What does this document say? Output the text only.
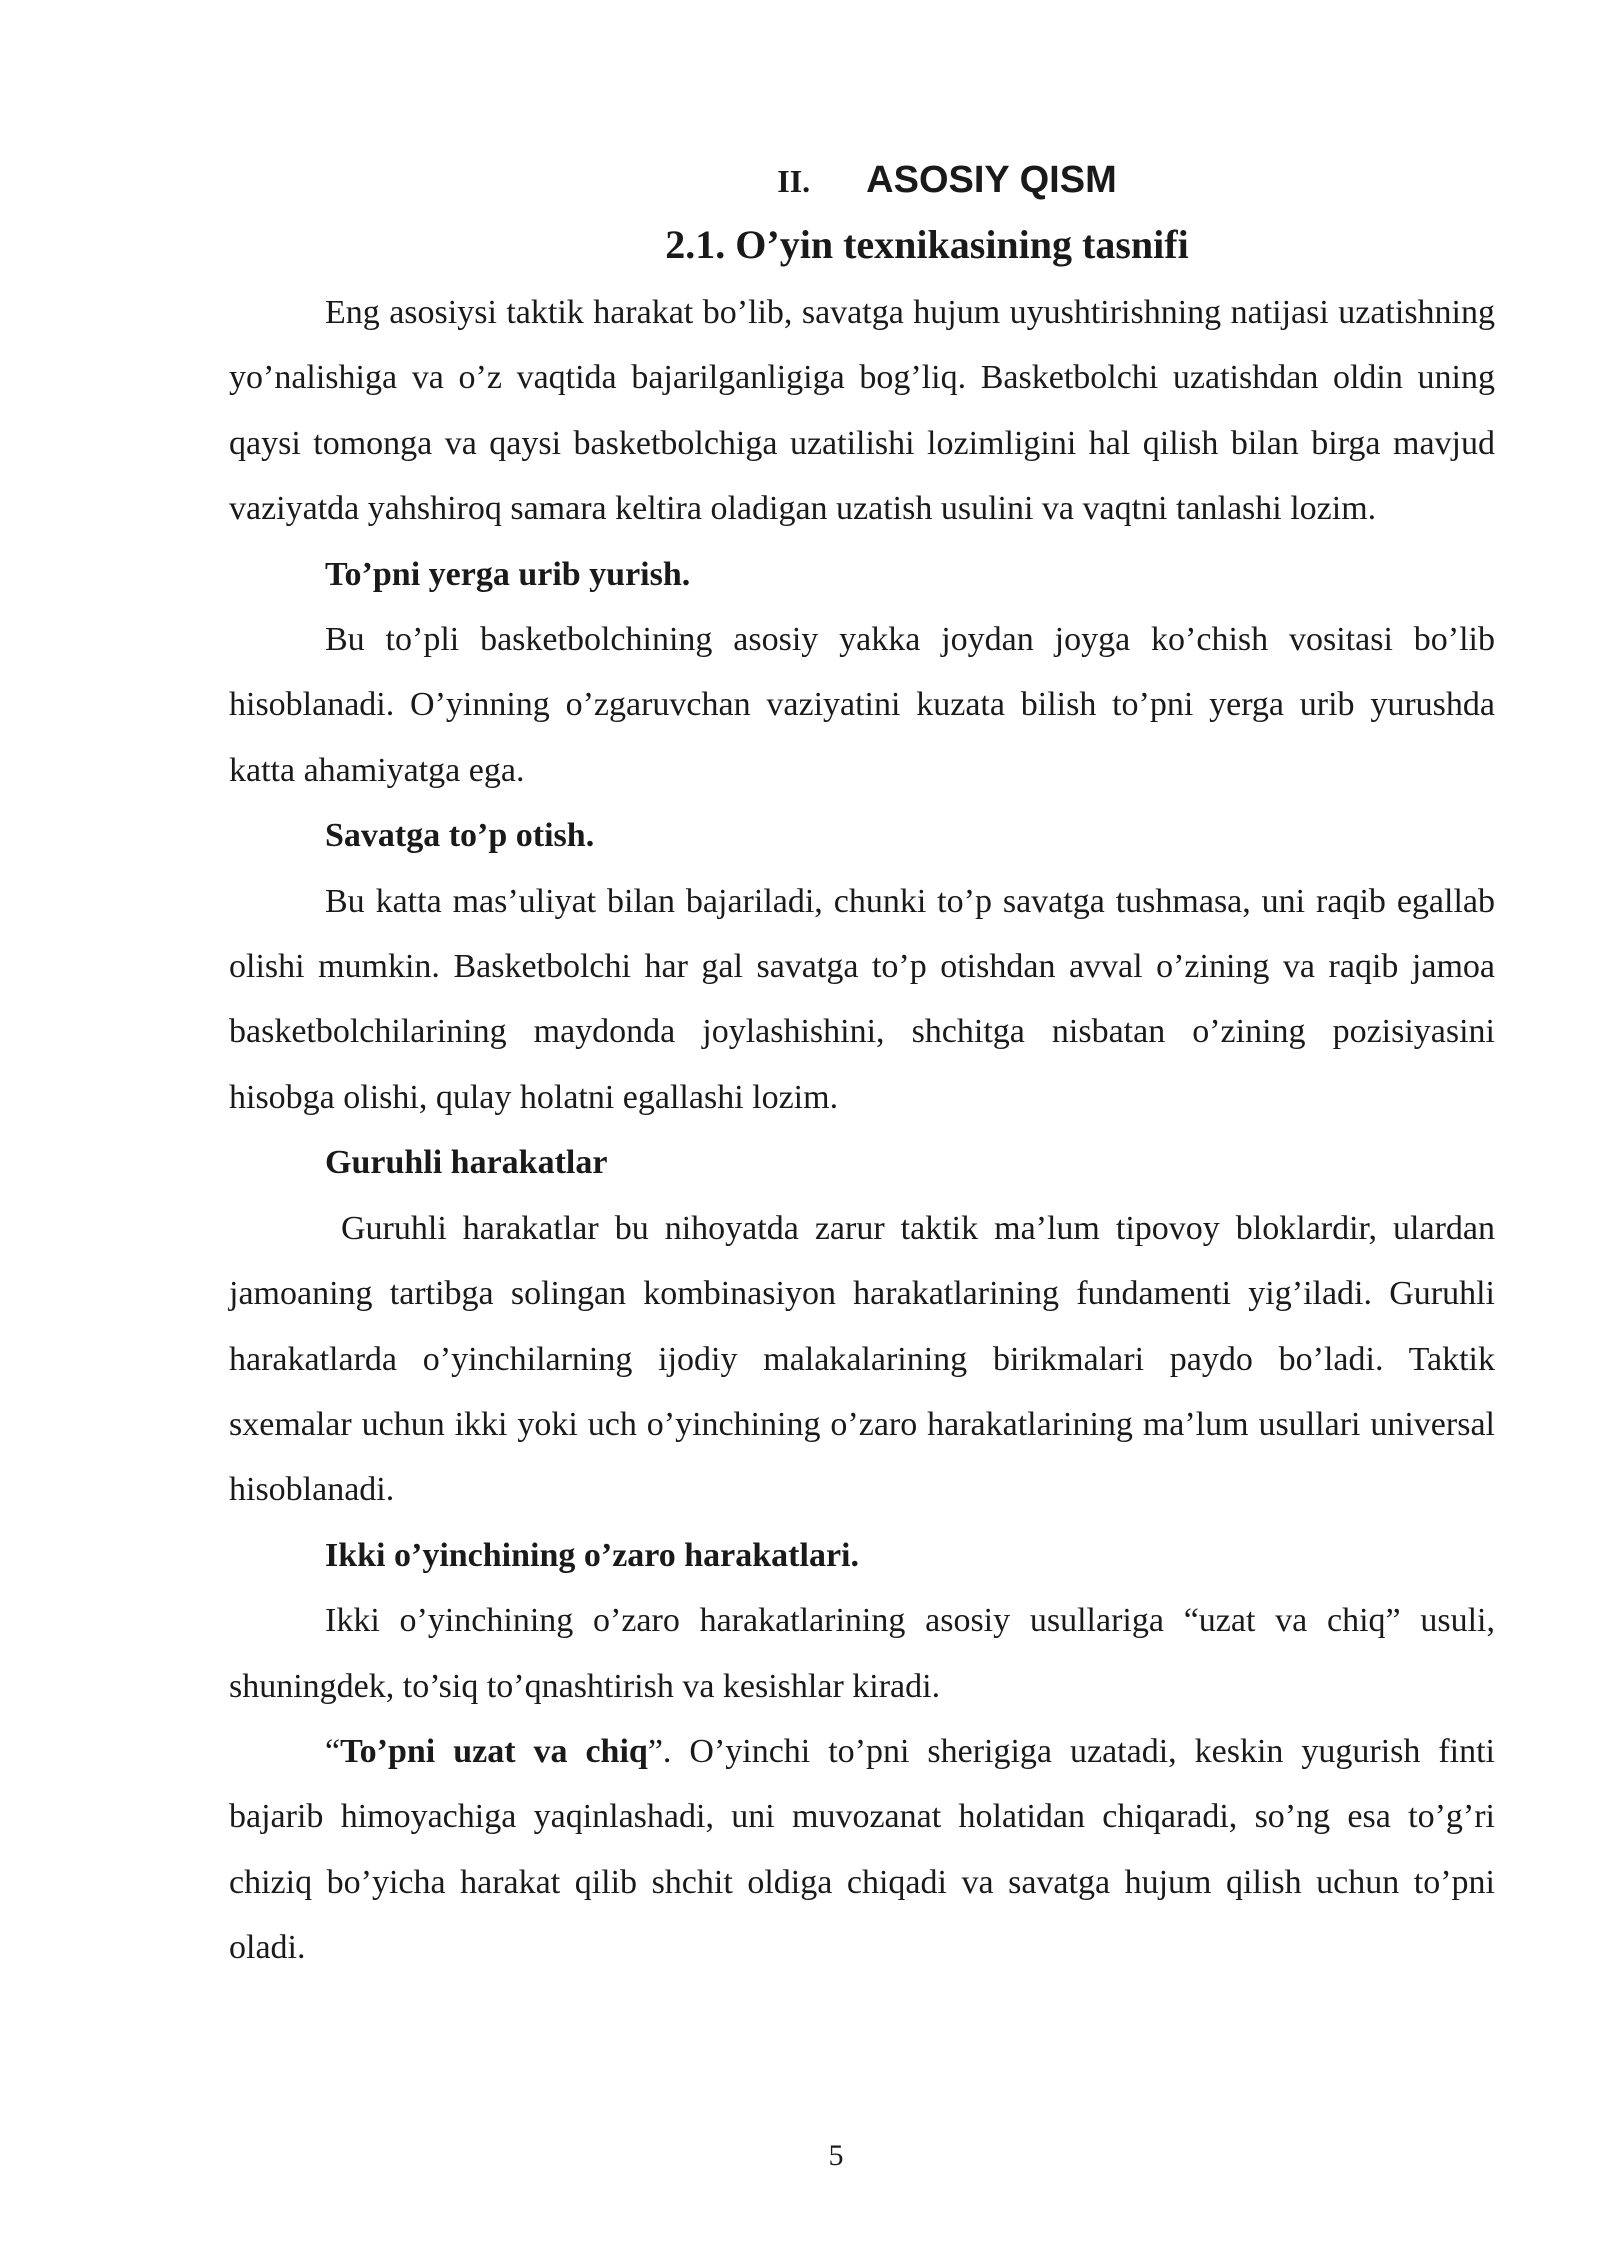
II. ASOSIY QISM
2.1. O’yin texnikasining tasnifi

Eng asosiysi taktik harakat bo’lib, savatga hujum uyushtirishning natijasi uzatishning yo’nalishiga va o’z vaqtida bajarilganligiga bog’liq. Basketbolchi uzatishdan oldin uning qaysi tomonga va qaysi basketbolchiga uzatilishi lozimligini hal qilish bilan birga mavjud vaziyatda yahshiroq samara keltira oladigan uzatish usulini va vaqtni tanlashi lozim.

To’pni yerga urib yurish.

Bu to’pli basketbolchining asosiy yakka joydan joyga ko’chish vositasi bo’lib hisoblanadi. O’yinning o’zgaruvchan vaziyatini kuzata bilish to’pni yerga urib yurushda katta ahamiyatga ega.

Savatga to’p otish.

Bu katta mas’uliyat bilan bajariladi, chunki to’p savatga tushmasa, uni raqib egallab olishi mumkin. Basketbolchi har gal savatga to’p otishdan avval o’zining va raqib jamoa basketbolchilarining maydonda joylashishini, shchitga nisbatan o’zining pozisiyasini hisobga olishi, qulay holatni egallashi lozim.

Guruhli harakatlar

Guruhli harakatlar bu nihoyatda zarur taktik ma’lum tipovoy bloklardir, ulardan jamoaning tartibga solingan kombinasiyon harakatlarining fundamenti yig’iladi. Guruhli harakatlarda o’yinchilarning ijodiy malakalarining birikmalari paydo bo’ladi. Taktik sxemalar uchun ikki yoki uch o’yinchining o’zaro harakatlarining ma’lum usullari universal hisoblanadi.

Ikki o’yinchining o’zaro harakatlari.

Ikki o’yinchining o’zaro harakatlarining asosiy usullariga “uzat va chiq” usuli, shuningdek, to’siq to’qnashtirish va kesishlar kiradi.

“To’pni uzat va chiq”. O’yinchi to’pni sherigiga uzatadi, keskin yugurish finti bajarib himoyachiga yaqinlashadi, uni muvozanat holatidan chiqaradi, so’ng esa to’g’ri chiziq bo’yicha harakat qilib shchit oldiga chiqadi va savatga hujum qilish uchun to’pni oladi.

5
